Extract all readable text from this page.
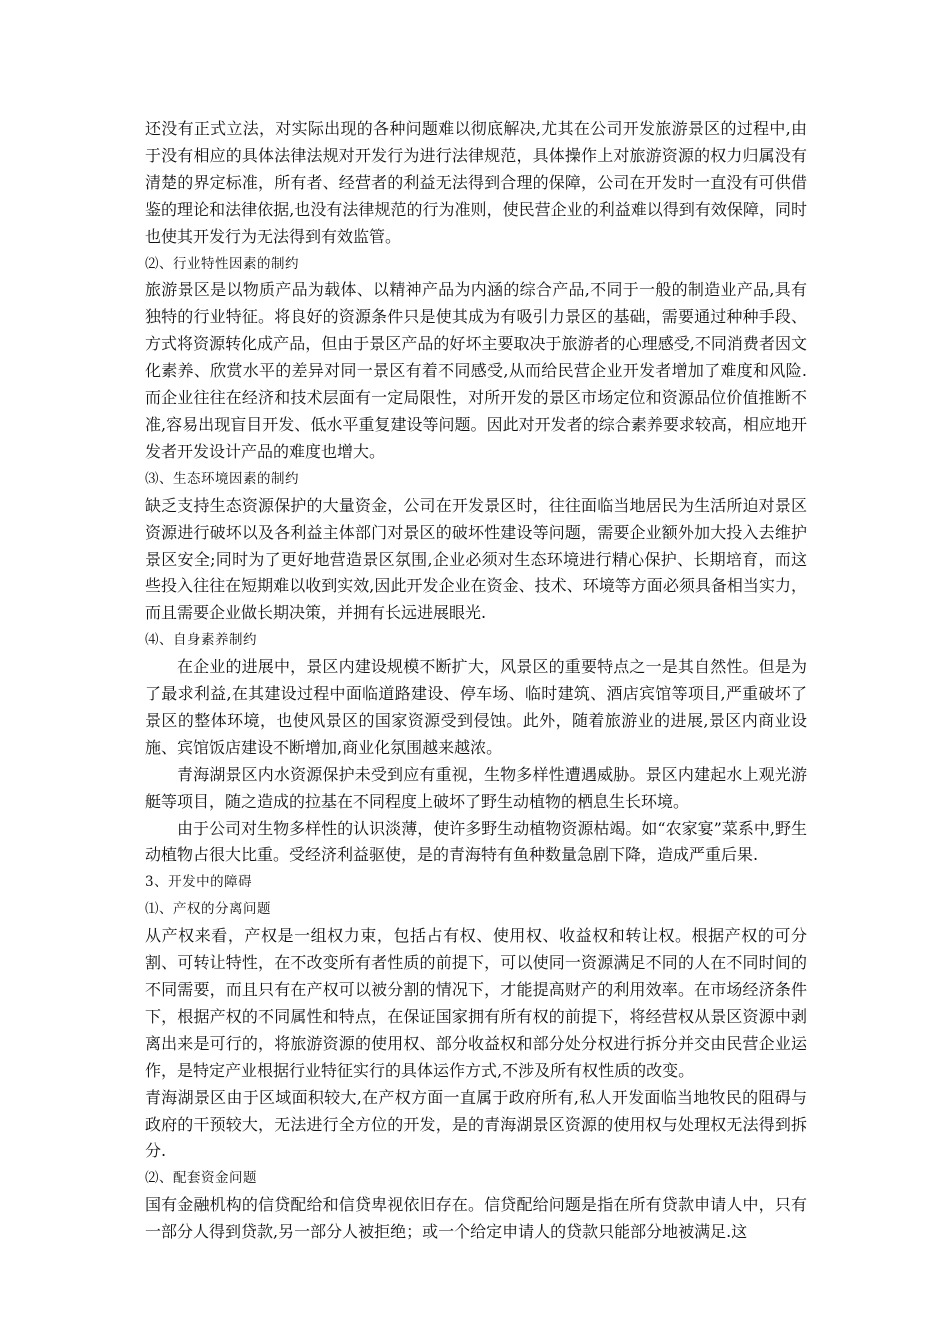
还没有正式立法，对实际出现的各种问题难以彻底解决,尤其在公司开发旅游景区的过程中,由于没有相应的具体法律法规对开发行为进行法律规范，具体操作上对旅游资源的权力归属没有清楚的界定标准，所有者、经营者的利益无法得到合理的保障，公司在开发时一直没有可供借鉴的理论和法律依据,也没有法律规范的行为准则，使民营企业的利益难以得到有效保障，同时也使其开发行为无法得到有效监管。

⑵、行业特性因素的制约

旅游景区是以物质产品为载体、以精神产品为内涵的综合产品,不同于一般的制造业产品,具有独特的行业特征。将良好的资源条件只是使其成为有吸引力景区的基础，需要通过种种手段、方式将资源转化成产品，但由于景区产品的好坏主要取决于旅游者的心理感受,不同消费者因文化素养、欣赏水平的差异对同一景区有着不同感受,从而给民营企业开发者增加了难度和风险.而企业往往在经济和技术层面有一定局限性，对所开发的景区市场定位和资源品位价值推断不准,容易出现盲目开发、低水平重复建设等问题。因此对开发者的综合素养要求较高，相应地开发者开发设计产品的难度也增大。

⑶、生态环境因素的制约

缺乏支持生态资源保护的大量资金，公司在开发景区时，往往面临当地居民为生活所迫对景区资源进行破坏以及各利益主体部门对景区的破坏性建设等问题，需要企业额外加大投入去维护景区安全;同时为了更好地营造景区氛围,企业必须对生态环境进行精心保护、长期培育，而这些投入往往在短期难以收到实效,因此开发企业在资金、技术、环境等方面必须具备相当实力，而且需要企业做长期决策，并拥有长远进展眼光.

⑷、自身素养制约

在企业的进展中，景区内建设规模不断扩大，风景区的重要特点之一是其自然性。但是为了最求利益,在其建设过程中面临道路建设、停车场、临时建筑、酒店宾馆等项目,严重破坏了景区的整体环境，也使风景区的国家资源受到侵蚀。此外，随着旅游业的进展,景区内商业设施、宾馆饭店建设不断增加,商业化氛围越来越浓。

青海湖景区内水资源保护未受到应有重视，生物多样性遭遇威胁。景区内建起水上观光游艇等项目，随之造成的拉基在不同程度上破坏了野生动植物的栖息生长环境。

由于公司对生物多样性的认识淡薄，使许多野生动植物资源枯竭。如“农家宴”菜系中,野生动植物占很大比重。受经济利益驱使，是的青海特有鱼种数量急剧下降，造成严重后果.

3、开发中的障碍

⑴、产权的分离问题

从产权来看，产权是一组权力束，包括占有权、使用权、收益权和转让权。根据产权的可分割、可转让特性，在不改变所有者性质的前提下，可以使同一资源满足不同的人在不同时间的不同需要，而且只有在产权可以被分割的情况下，才能提高财产的利用效率。在市场经济条件下，根据产权的不同属性和特点，在保证国家拥有所有权的前提下，将经营权从景区资源中剥离出来是可行的，将旅游资源的使用权、部分收益权和部分处分权进行拆分并交由民营企业运作，是特定产业根据行业特征实行的具体运作方式,不涉及所有权性质的改变。

青海湖景区由于区域面积较大,在产权方面一直属于政府所有,私人开发面临当地牧民的阻碍与政府的干预较大，无法进行全方位的开发，是的青海湖景区资源的使用权与处理权无法得到拆分.

⑵、配套资金问题

国有金融机构的信贷配给和信贷卑视依旧存在。信贷配给问题是指在所有贷款申请人中，只有一部分人得到贷款,另一部分人被拒绝；或一个给定申请人的贷款只能部分地被满足.这
